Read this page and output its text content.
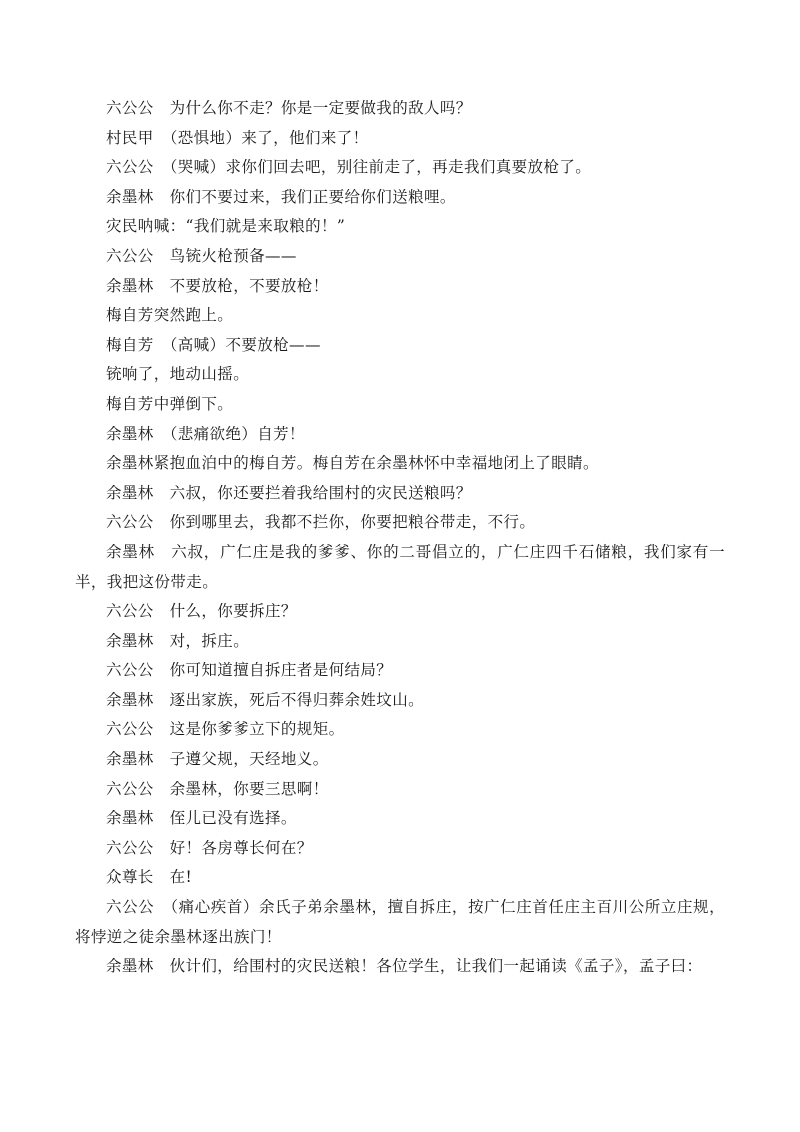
六公公　为什么你不走？你是一定要做我的敌人吗？

村民甲　（恐惧地）来了，他们来了！

六公公　（哭喊）求你们回去吧，别往前走了，再走我们真要放枪了。

余墨林　你们不要过来，我们正要给你们送粮哩。

灾民呐喊：“我们就是来取粮的！”

六公公　鸟铳火枪预备——

余墨林　不要放枪，不要放枪！

梅自芳突然跑上。

梅自芳　（高喊）不要放枪——

铳响了，地动山摇。

梅自芳中弹倒下。

余墨林　（悲痛欲绝）自芳！

余墨林紧抱血泊中的梅自芳。梅自芳在余墨林怀中幸福地闭上了眼睛。

余墨林　六叔，你还要拦着我给围村的灾民送粮吗？

六公公　你到哪里去，我都不拦你，你要把粮谷带走，不行。

余墨林　六叔，广仁庄是我的爹爹、你的二哥倡立的，广仁庄四千石储粮，我们家有一半，我把这份带走。

六公公　什么，你要拆庄？

余墨林　对，拆庄。

六公公　你可知道擅自拆庄者是何结局？

余墨林　逐出家族，死后不得归葬余姓坟山。

六公公　这是你爹爹立下的规矩。

余墨林　子遵父规，天经地义。

六公公　余墨林，你要三思啊！

余墨林　侄儿已没有选择。

六公公　好！各房尊长何在？

众尊长　在!

六公公　（痛心疾首）余氏子弟余墨林，擅自拆庄，按广仁庄首任庄主百川公所立庄规，将悖逆之徒余墨林逐出族门！

余墨林　伙计们，给围村的灾民送粮！各位学生，让我们一起诵读《孟子》，孟子曰：
